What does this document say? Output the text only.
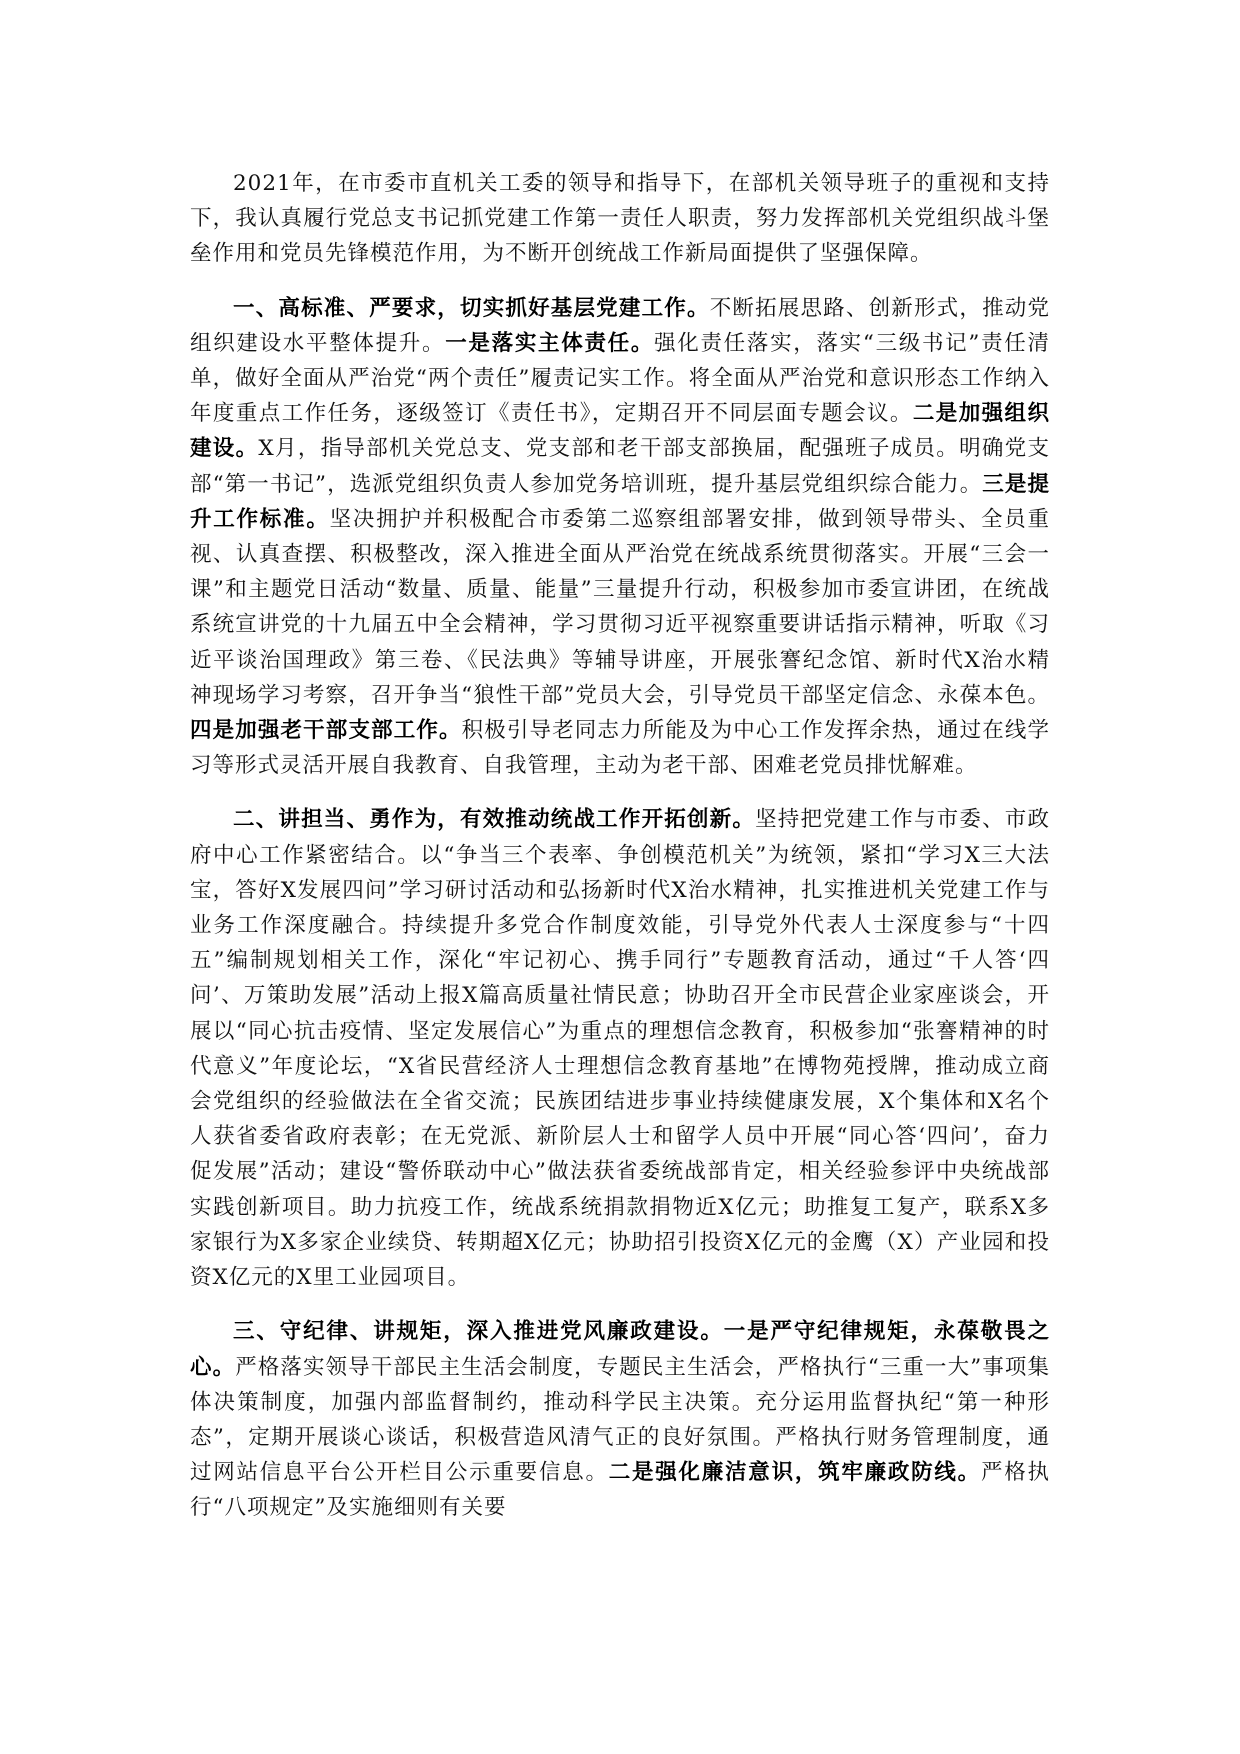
2021年，在市委市直机关工委的领导和指导下，在部机关领导班子的重视和支持下，我认真履行党总支书记抓党建工作第一责任人职责，努力发挥部机关党组织战斗堡垒作用和党员先锋模范作用，为不断开创统战工作新局面提供了坚强保障。

一、高标准、严要求，切实抓好基层党建工作。不断拓展思路、创新形式，推动党组织建设水平整体提升。一是落实主体责任。强化责任落实，落实“三级书记”责任清单，做好全面从严治党“两个责任”履责记实工作。将全面从严治党和意识形态工作纳入年度重点工作任务，逐级签订《责任书》，定期召开不同层面专题会议。二是加强组织建设。X月，指导部机关党总支、党支部和老干部支部换届，配强班子成员。明确党支部“第一书记”，选派党组织负责人参加党务培训班，提升基层党组织综合能力。三是提升工作标准。坚决拥护并积极配合市委第二巡察组部署安排，做到领导带头、全员重视、认真查摆、积极整改，深入推进全面从严治党在统战系统贯彻落实。开展“三会一课”和主题党日活动“数量、质量、能量”三量提升行动，积极参加市委宣讲团，在统战系统宣讲党的十九届五中全会精神，学习贯彻习近平视察重要讲话指示精神，听取《习近平谈治国理政》第三卷、《民法典》等辅导讲座，开展张謇纪念馆、新时代X治水精神现场学习考察，召开争当“狼性干部”党员大会，引导党员干部坚定信念、永葆本色。四是加强老干部支部工作。积极引导老同志力所能及为中心工作发挥余热，通过在线学习等形式灵活开展自我教育、自我管理，主动为老干部、困难老党员排忧解难。

二、讲担当、勇作为，有效推动统战工作开拓创新。坚持把党建工作与市委、市政府中心工作紧密结合。以“争当三个表率、争创模范机关”为统领，紧扣“学习X三大法宝，答好X发展四问”学习研讨活动和弘扬新时代X治水精神，扎实推进机关党建工作与业务工作深度融合。持续提升多党合作制度效能，引导党外代表人士深度参与“十四五”编制规划相关工作，深化“牢记初心、携手同行”专题教育活动，通过“千人答‘四问’、万策助发展”活动上报X篇高质量社情民意；协助召开全市民营企业家座谈会，开展以“同心抗击疫情、坚定发展信心”为重点的理想信念教育，积极参加“张謇精神的时代意义”年度论坛，“X省民营经济人士理想信念教育基地”在博物苑授牌，推动成立商会党组织的经验做法在全省交流；民族团结进步事业持续健康发展，X个集体和X名个人获省委省政府表彰；在无党派、新阶层人士和留学人员中开展“同心答‘四问’，奋力促发展”活动；建设“警侨联动中心”做法获省委统战部肯定，相关经验参评中央统战部实践创新项目。助力抗疫工作，统战系统捐款捐物近X亿元；助推复工复产，联系X多家银行为X多家企业续贷、转期超X亿元；协助招引投资X亿元的金鹰（X）产业园和投资X亿元的X里工业园项目。

三、守纪律、讲规矩，深入推进党风廉政建设。一是严守纪律规矩，永葆敬畏之心。严格落实领导干部民主生活会制度，专题民主生活会，严格执行“三重一大”事项集体决策制度，加强内部监督制约，推动科学民主决策。充分运用监督执纪“第一种形态”，定期开展谈心谈话，积极营造风清气正的良好氛围。严格执行财务管理制度，通过网站信息平台公开栏目公示重要信息。二是强化廉洁意识，筑牢廉政防线。严格执行“八项规定”及实施细则有关要
